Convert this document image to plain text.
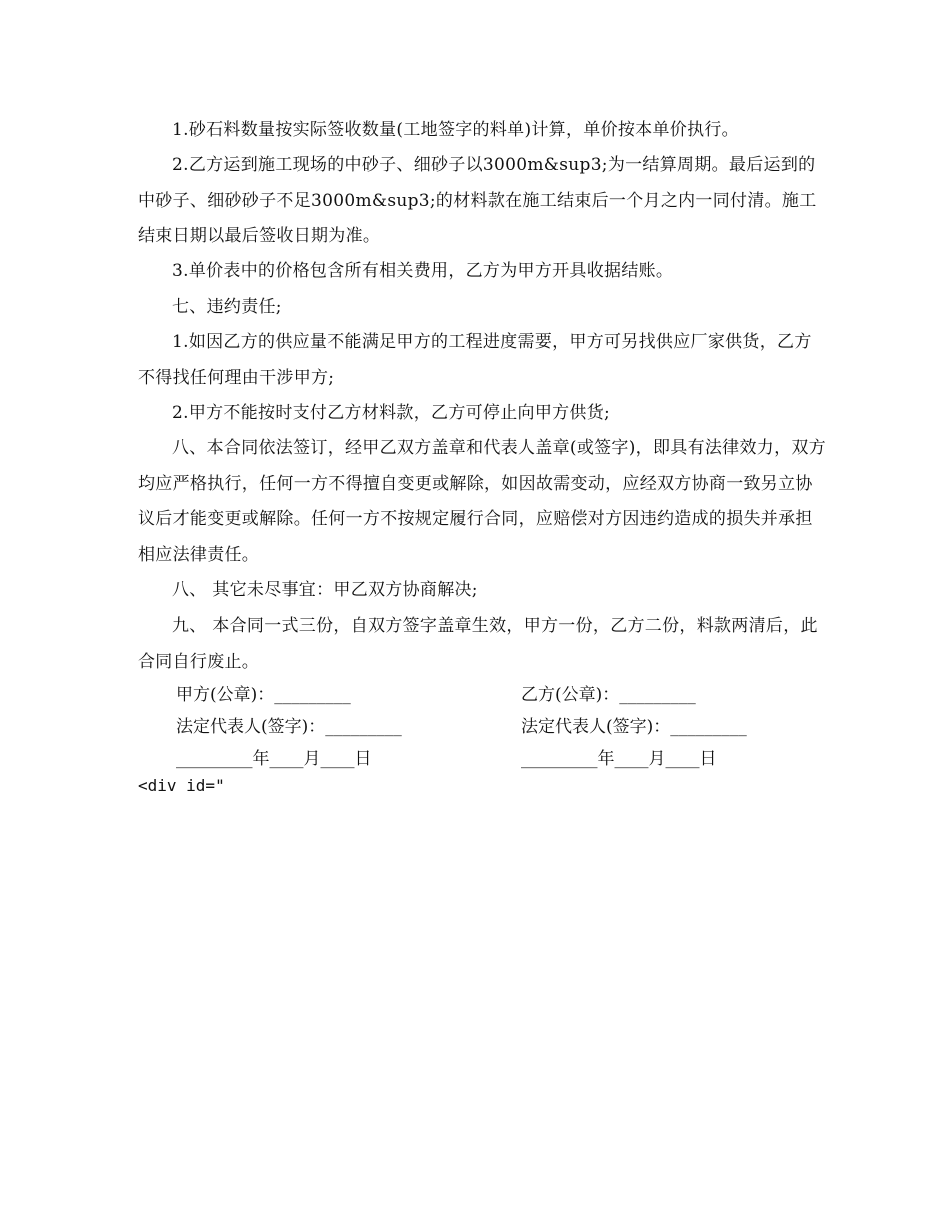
1.砂石料数量按实际签收数量(工地签字的料单)计算，单价按本单价执行。

2.乙方运到施工现场的中砂子、细砂子以3000m&sup3;为一结算周期。最后运到的中砂子、细砂砂子不足3000m&sup3;的材料款在施工结束后一个月之内一同付清。施工结束日期以最后签收日期为准。

3.单价表中的价格包含所有相关费用，乙方为甲方开具收据结账。

七、违约责任;

1.如因乙方的供应量不能满足甲方的工程进度需要，甲方可另找供应厂家供货，乙方不得找任何理由干涉甲方;

2.甲方不能按时支付乙方材料款，乙方可停止向甲方供货;

八、本合同依法签订，经甲乙双方盖章和代表人盖章(或签字)，即具有法律效力，双方均应严格执行，任何一方不得擅自变更或解除，如因故需变动，应经双方协商一致另立协议后才能变更或解除。任何一方不按规定履行合同，应赔偿对方因违约造成的损失并承担相应法律责任。

八、 其它未尽事宜：甲乙双方协商解决;

九、 本合同一式三份，自双方签字盖章生效，甲方一份，乙方二份，料款两清后，此合同自行废止。

甲方(公章)：_________	乙方(公章)：_________
法定代表人(签字)：_________	法定代表人(签字)：_________
_________年____月____日	_________年____月____日
<div id="
